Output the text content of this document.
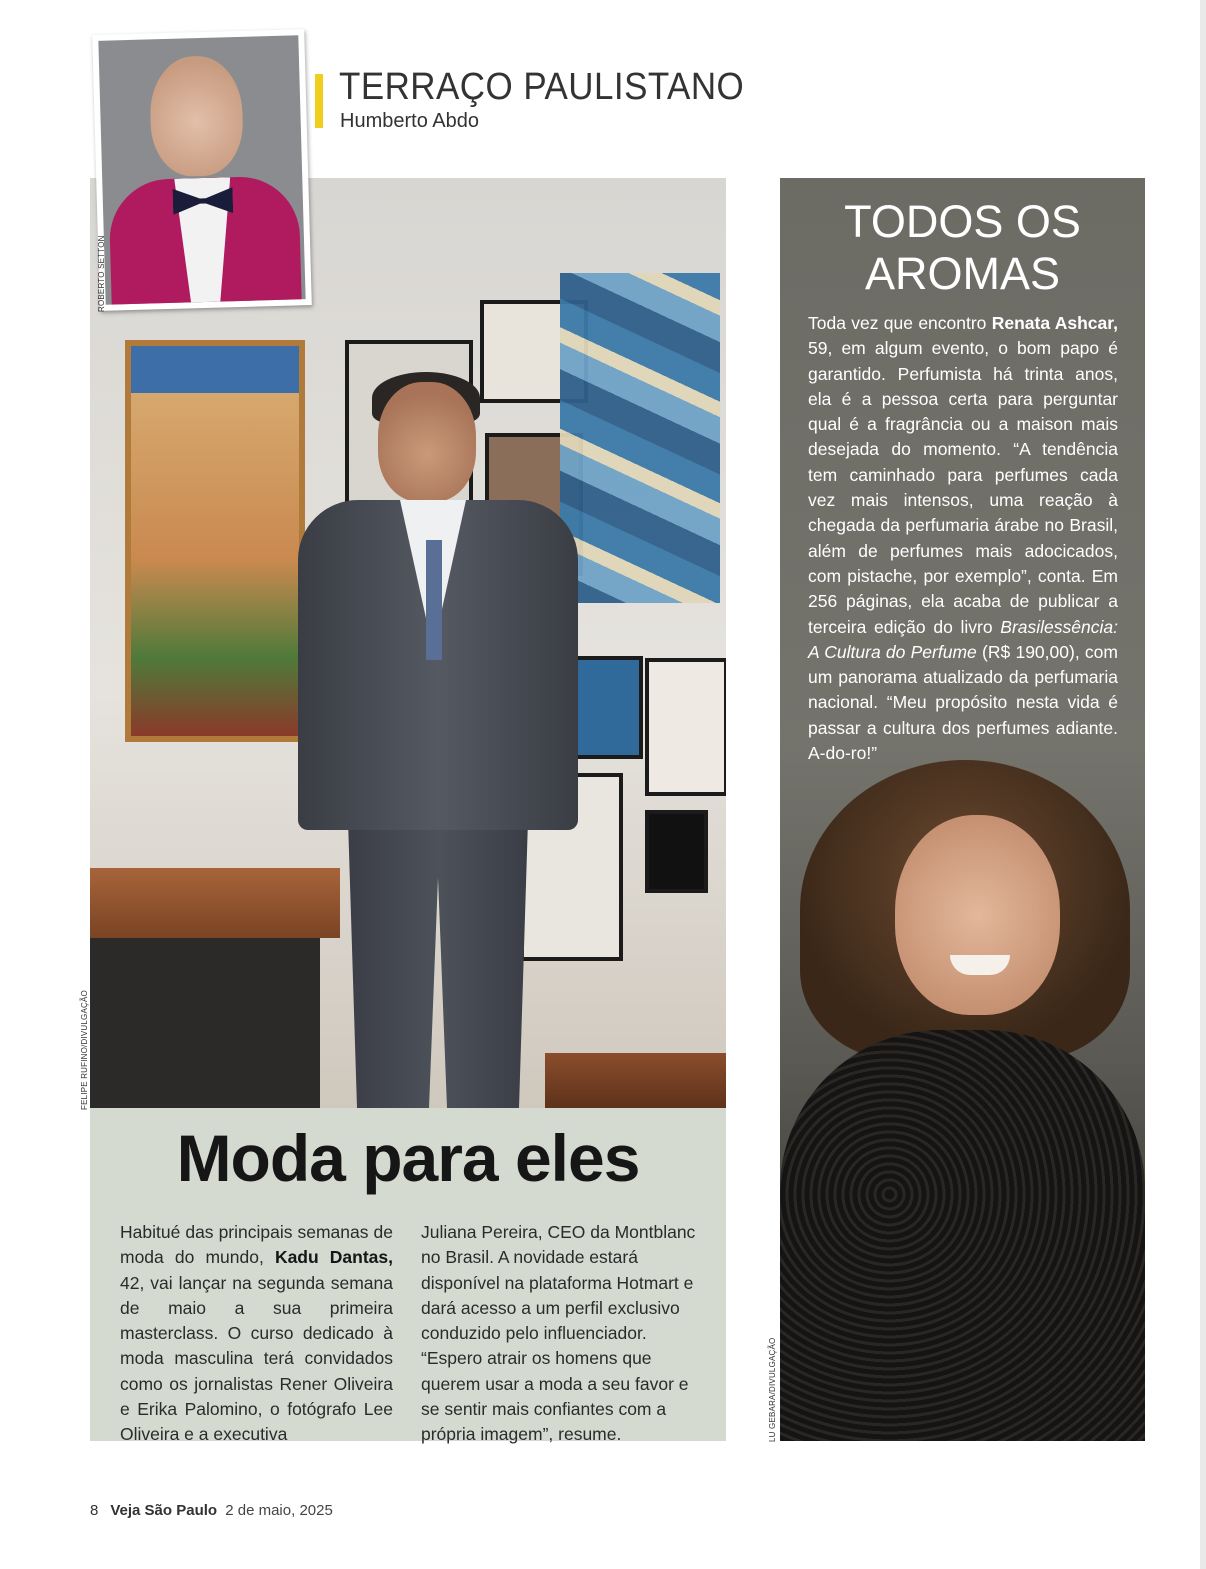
ROBERTO SETTON
TERRAÇO PAULISTANO
Humberto Abdo
FELIPE RUFINO/DIVULGAÇÃO
Moda para eles
Habitué das principais semanas de moda do mundo, Kadu Dantas, 42, vai lançar na segunda semana de maio a sua primeira masterclass. O curso dedicado à moda masculina terá convidados como os jornalistas Rener Oliveira e Erika Palomino, o fotógrafo Lee Oliveira e a executiva
Juliana Pereira, CEO da Montblanc no Brasil. A novidade estará disponível na plataforma Hotmart e dará acesso a um perfil exclusivo conduzido pelo influenciador. “Espero atrair os homens que querem usar a moda a seu favor e se sentir mais confiantes com a própria imagem”, resume.
TODOS OS
AROMAS
Toda vez que encontro Renata Ashcar, 59, em algum evento, o bom papo é garantido. Perfumista há trinta anos, ela é a pessoa certa para perguntar qual é a fragrância ou a maison mais desejada do momento. “A tendência tem caminhado para perfumes cada vez mais intensos, uma reação à chegada da perfumaria árabe no Brasil, além de perfumes mais adocicados, com pistache, por exemplo”, conta. Em 256 páginas, ela acaba de publicar a terceira edição do livro Brasilessência: A Cultura do Perfume (R$ 190,00), com um panorama atualizado da perfumaria nacional. “Meu propósito nesta vida é passar a cultura dos perfumes adiante. A-do-ro!”
LU GEBARA/DIVULGAÇÃO
8 Veja São Paulo 2 de maio, 2025
